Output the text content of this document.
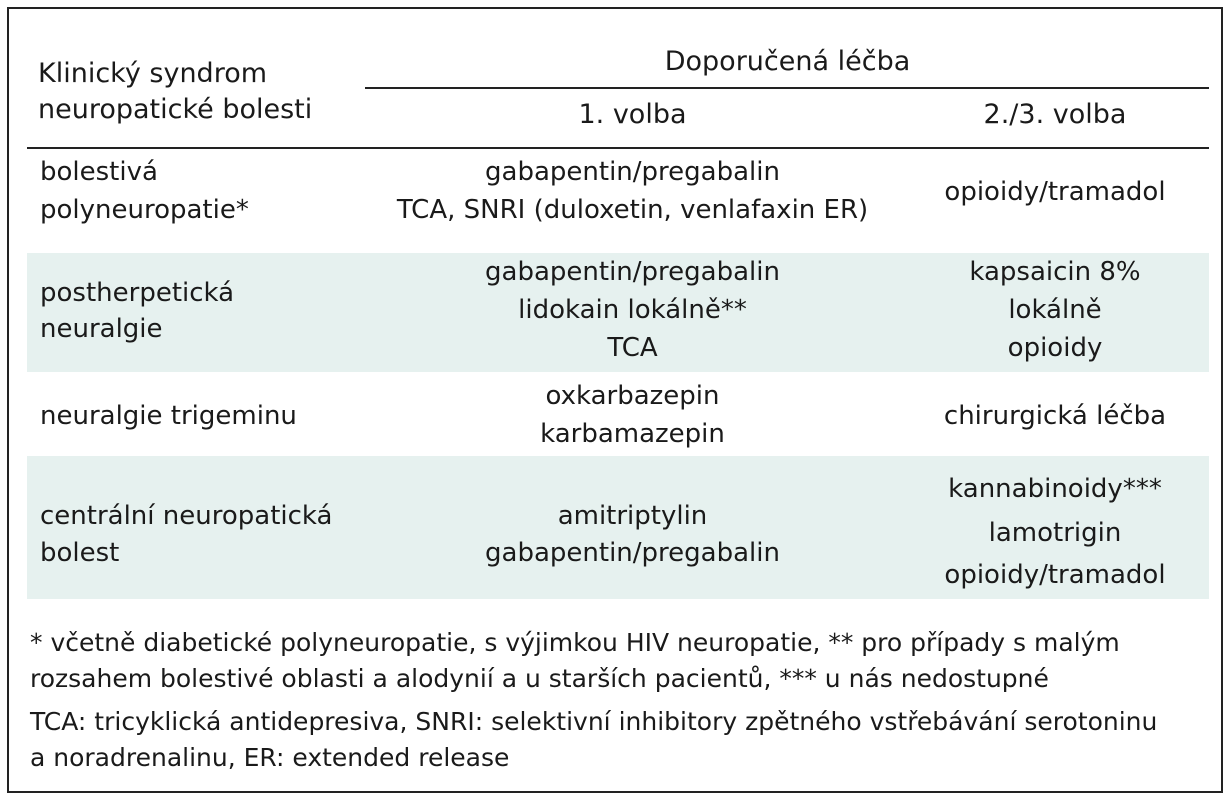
Klinický syndrom
neuropatické bolesti
Doporučená léčba
1. volba	2./3. volba
bolestivá
polyneuropatie*
gabapentin/pregabalin
TCA, SNRI (duloxetin, venlafaxin ER)
opioidy/tramadol
postherpetická
neuralgie
gabapentin/pregabalin
lidokain lokálně**
TCA
kapsaicin 8%
lokálně
opioidy
neuralgie trigeminu
oxkarbazepin
karbamazepin
chirurgická léčba
centrální neuropatická
bolest
amitriptylin
gabapentin/pregabalin
kannabinoidy***
lamotrigin
opioidy/tramadol
* včetně diabetické polyneuropatie, s výjimkou HIV neuropatie, ** pro případy s malým
rozsahem bolestivé oblasti a alodynií a u starších pacientů, *** u nás nedostupné
TCA: tricyklická antidepresiva, SNRI: selektivní inhibitory zpětného vstřebávání serotoninu
a noradrenalinu, ER: extended release
